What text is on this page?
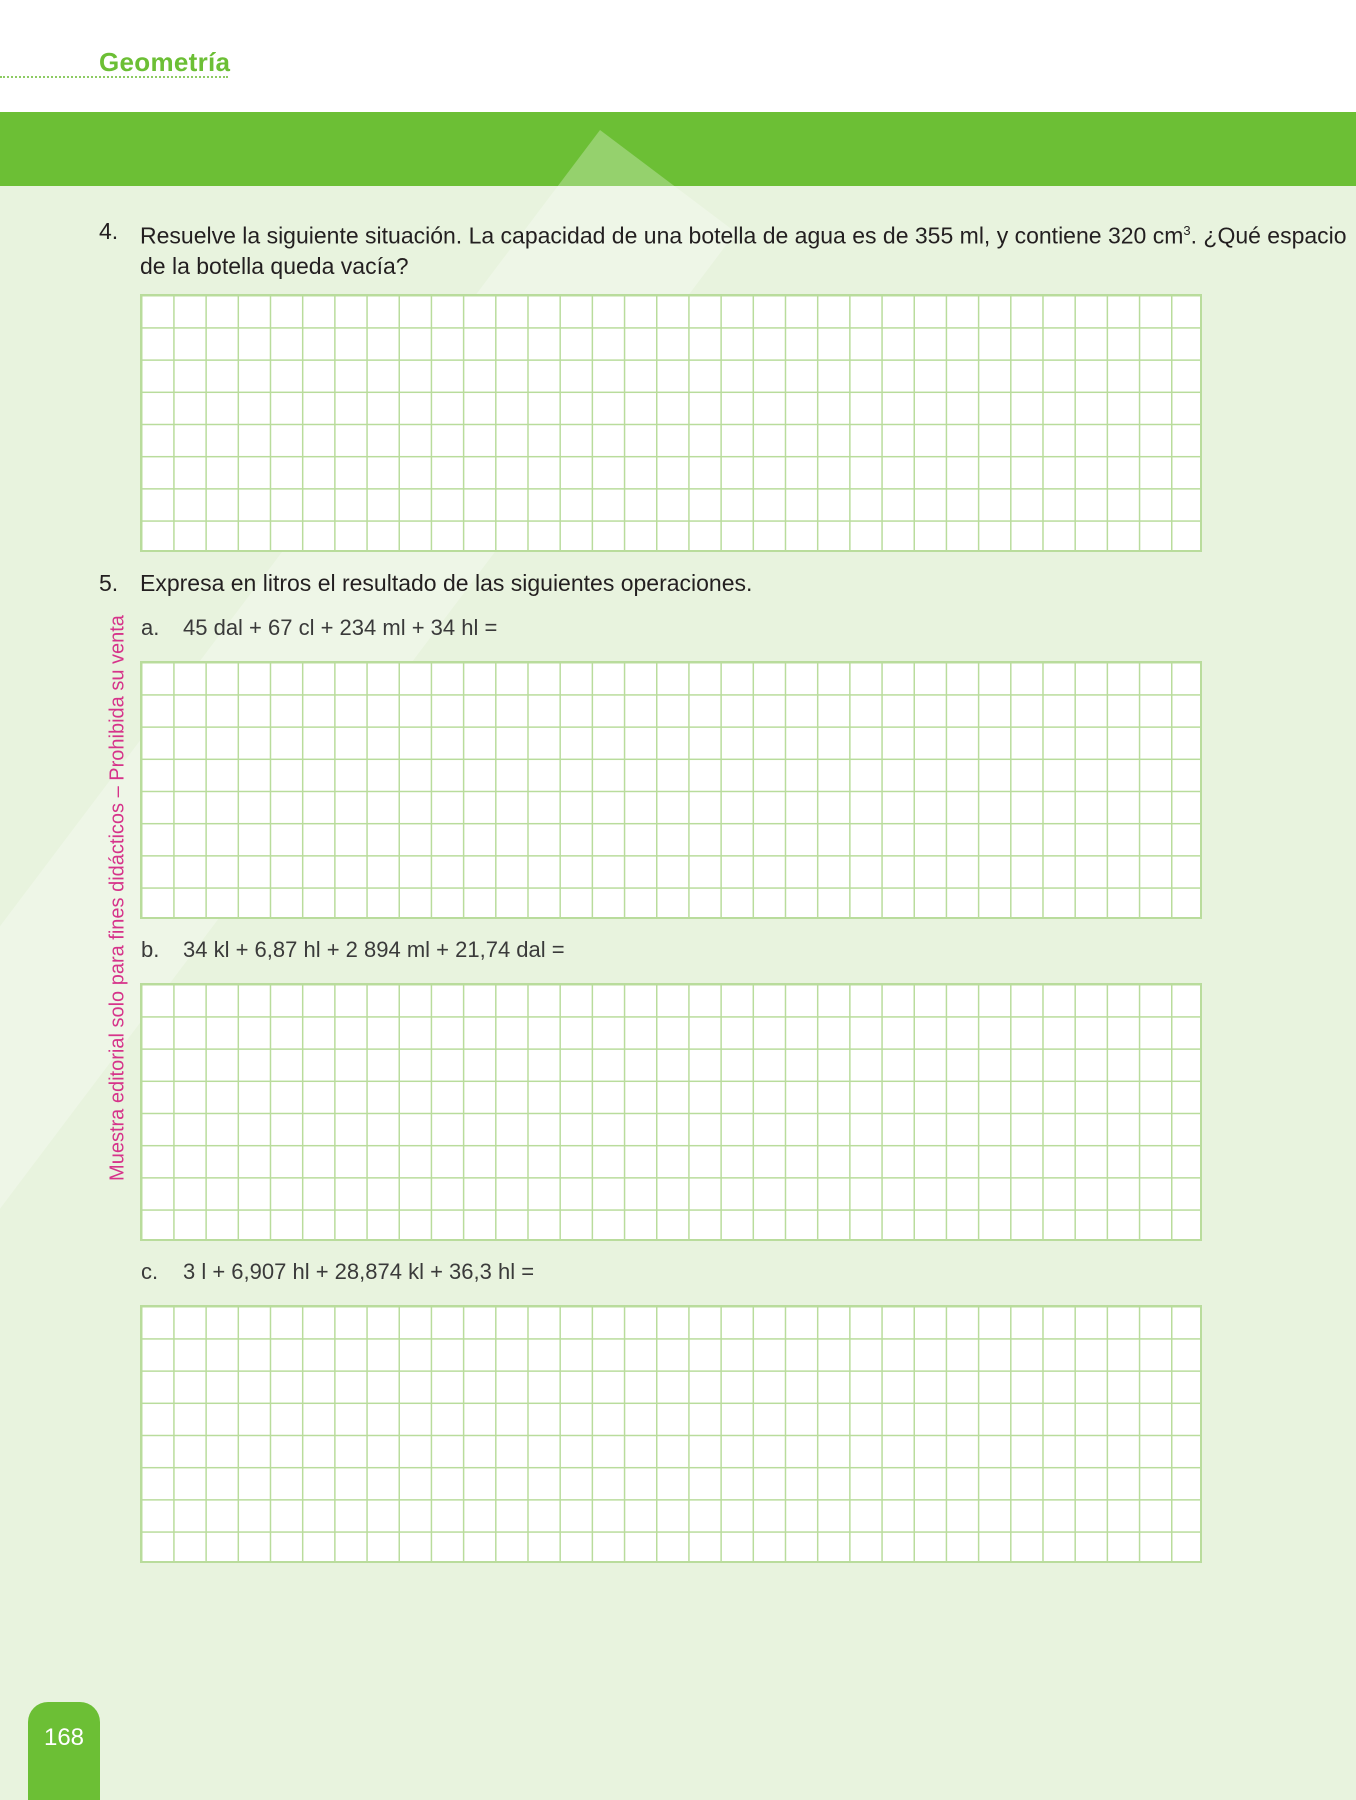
Geometría
Muestra editorial solo para fines didácticos – Prohibida su venta
4. Resuelve la siguiente situación. La capacidad de una botella de agua es de 355 ml, y contiene 320 $cm^3$. ¿Qué espacio de la botella queda vacía?
5. Expresa en litros el resultado de las siguientes operaciones.
a. 45 dal + 67 cl + 234 ml + 34 hl =
b. 34 kl + 6,87 hl + 2 894 ml + 21,74 dal =
c. 3 l + 6,907 hl + 28,874 kl + 36,3 hl =
168
